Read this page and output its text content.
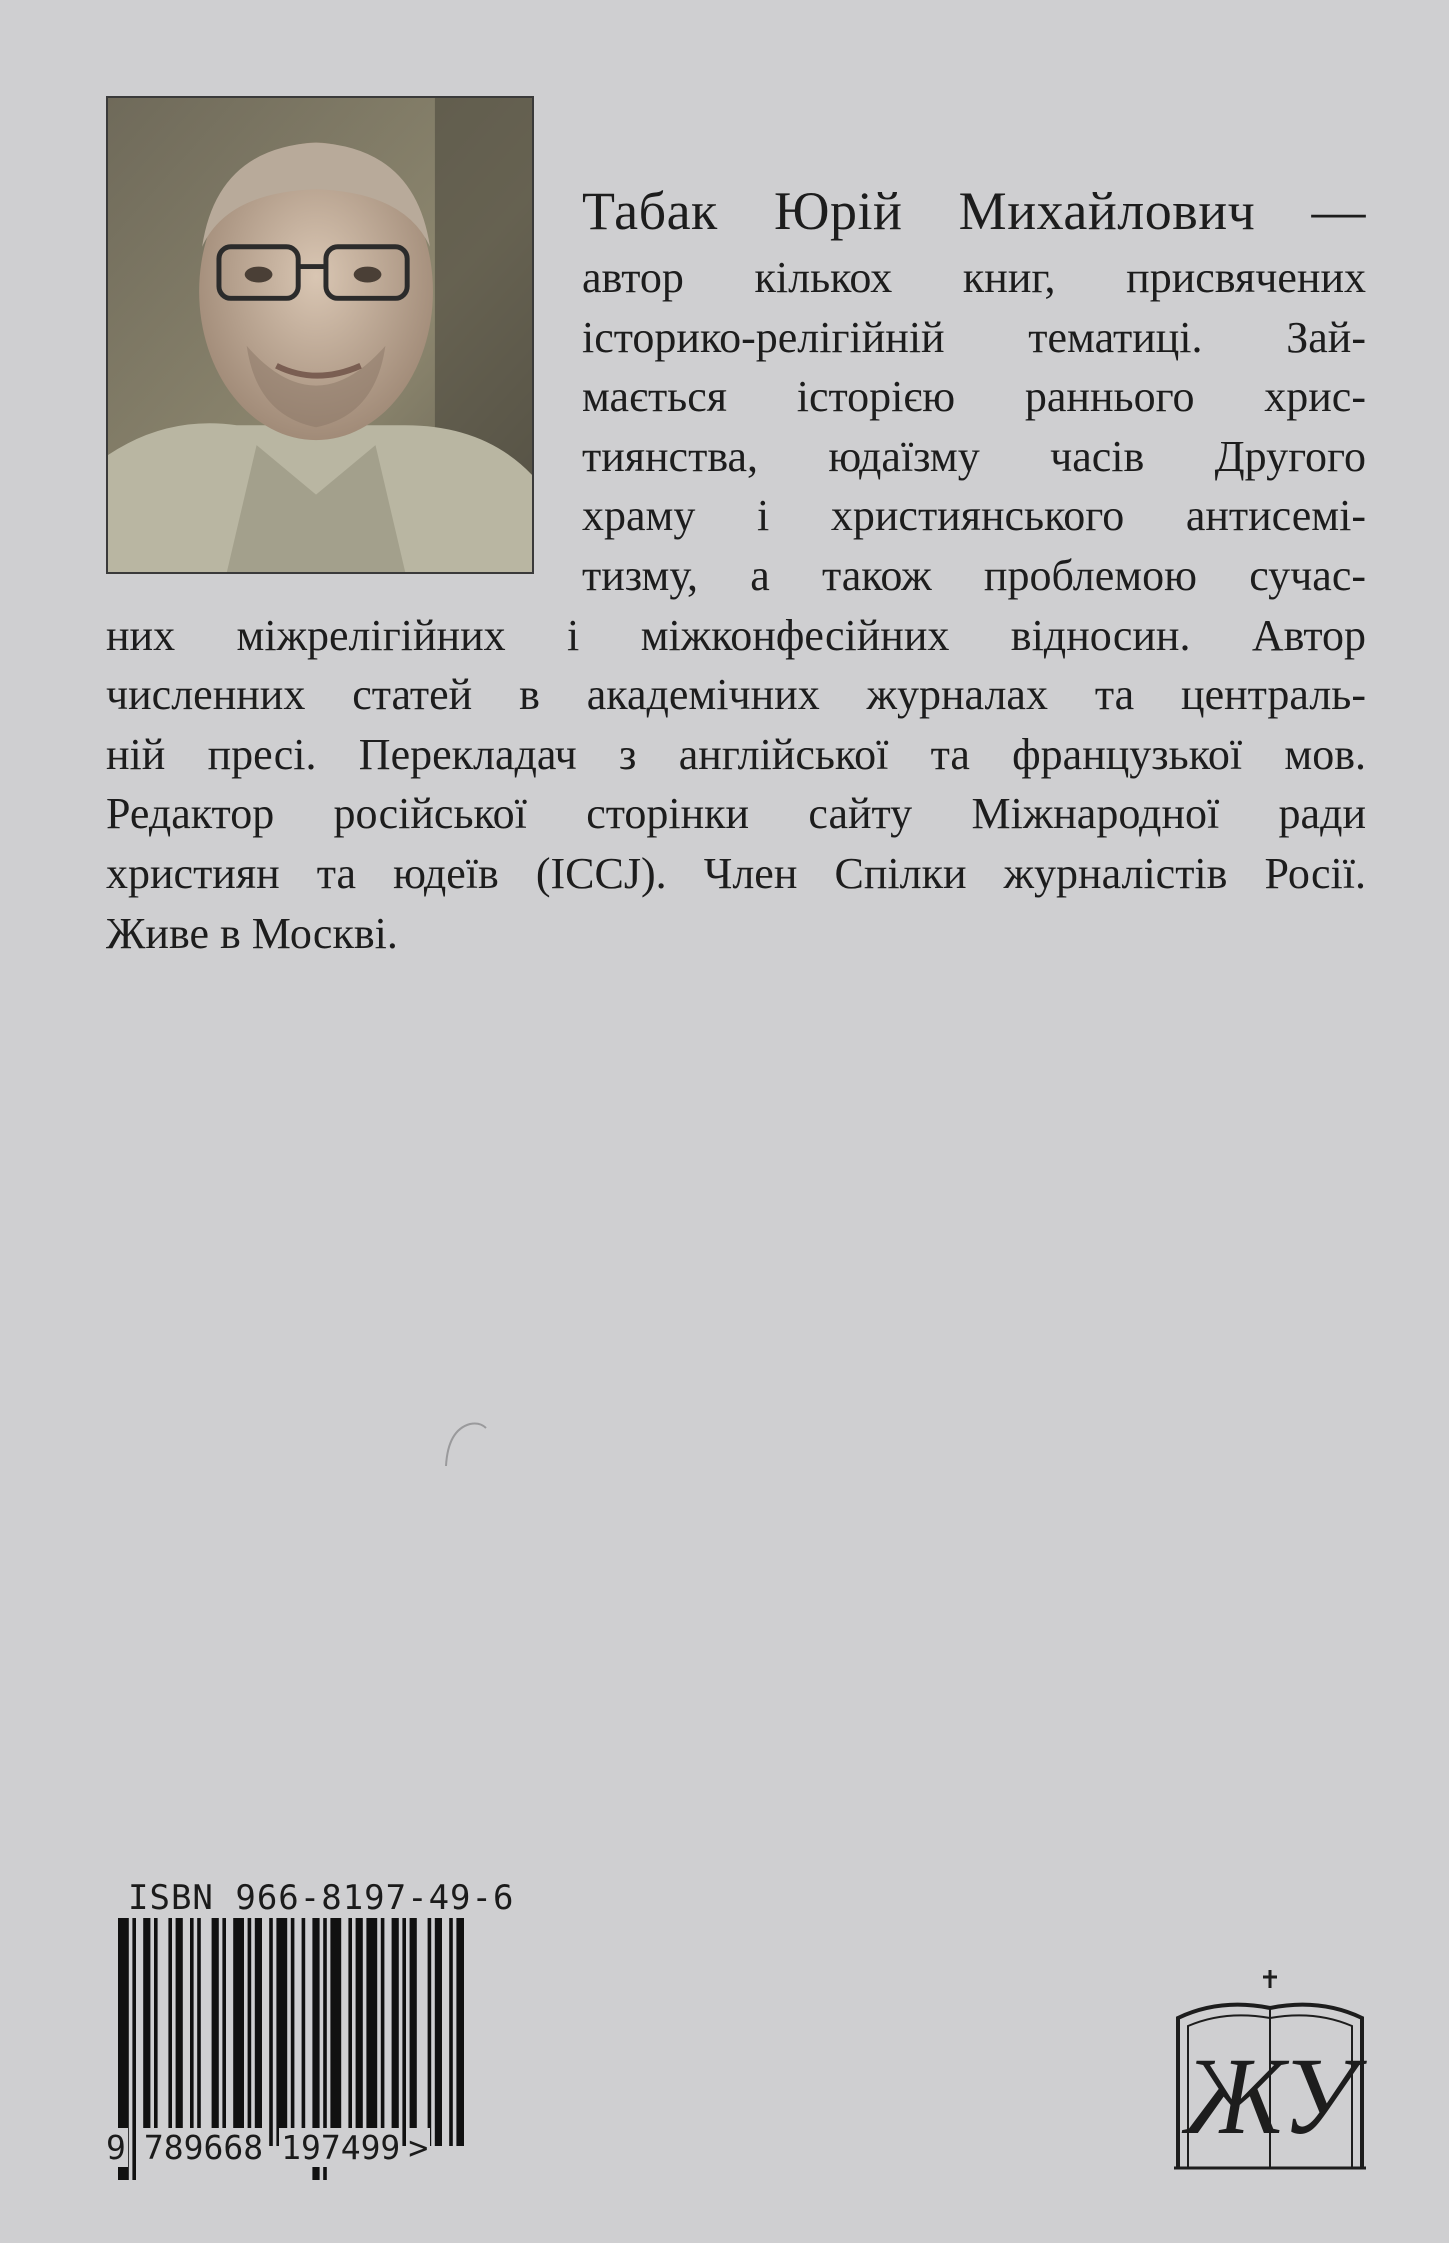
Табак Юрій Михайлович —
автор кількох книг, присвячених
історико-релігійній тематиці. Зай-
мається історією раннього хрис-
тиянства, юдаїзму часів Другого
храму і християнського антисемі-
тизму, а також проблемою сучас-
них міжрелігійних і міжконфесійних відносин. Автор
численних статей в академічних журналах та централь-
ній пресі. Перекладач з англійської та французької мов.
Редактор російської сторінки сайту Міжнародної ради
християн та юдеїв (ICCJ). Член Спілки журналістів Росії.
Живе в Москві.
ISBN 966-8197-49-6
9 789668 197499 >	ЖУ
